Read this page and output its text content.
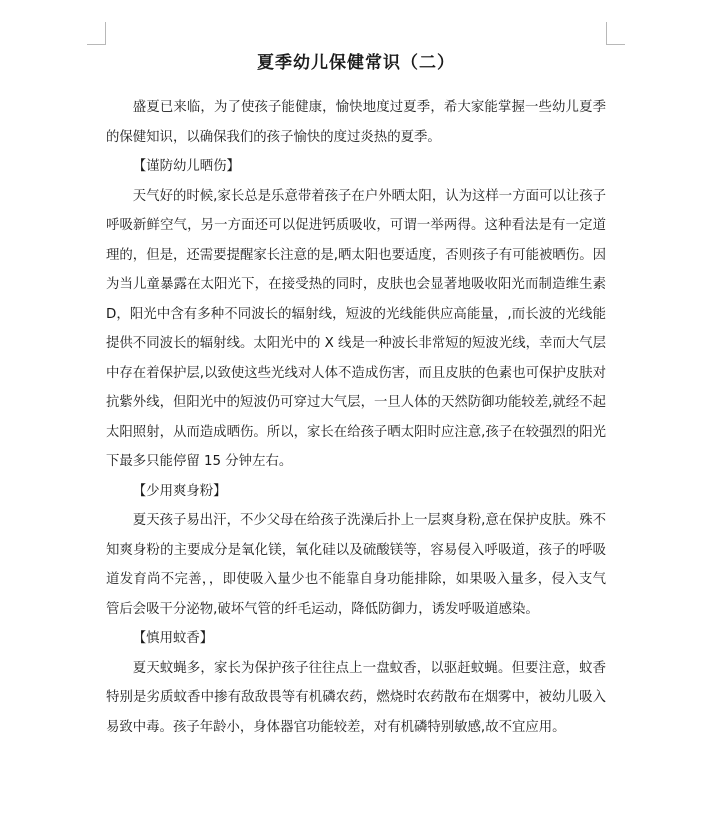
夏季幼儿保健常识（二）

盛夏已来临，为了使孩子能健康，愉快地度过夏季，希大家能掌握一些幼儿夏季的保健知识，以确保我们的孩子愉快的度过炎热的夏季。

【谨防幼儿晒伤】

天气好的时候,家长总是乐意带着孩子在户外晒太阳，认为这样一方面可以让孩子呼吸新鲜空气，另一方面还可以促进钙质吸收，可谓一举两得。这种看法是有一定道理的，但是，还需要提醒家长注意的是,晒太阳也要适度，否则孩子有可能被晒伤。因为当儿童暴露在太阳光下，在接受热的同时，皮肤也会显著地吸收阳光而制造维生素 D，阳光中含有多种不同波长的辐射线，短波的光线能供应高能量，,而长波的光线能提供不同波长的辐射线。太阳光中的 X 线是一种波长非常短的短波光线，幸而大气层中存在着保护层,以致使这些光线对人体不造成伤害，而且皮肤的色素也可保护皮肤对抗紫外线，但阳光中的短波仍可穿过大气层，一旦人体的天然防御功能较差,就经不起太阳照射，从而造成晒伤。所以，家长在给孩子晒太阳时应注意,孩子在较强烈的阳光下最多只能停留 15 分钟左右。

【少用爽身粉】

夏天孩子易出汗，不少父母在给孩子洗澡后扑上一层爽身粉,意在保护皮肤。殊不知爽身粉的主要成分是氧化镁，氧化硅以及硫酸镁等，容易侵入呼吸道，孩子的呼吸道发育尚不完善，，即使吸入量少也不能靠自身功能排除，如果吸入量多，侵入支气管后会吸干分泌物,破坏气管的纤毛运动，降低防御力，诱发呼吸道感染。

【慎用蚊香】

夏天蚊蝇多，家长为保护孩子往往点上一盘蚊香，以驱赶蚊蝇。但要注意，蚊香特别是劣质蚊香中掺有敌敌畏等有机磷农药，燃烧时农药散布在烟雾中，被幼儿吸入易致中毒。孩子年龄小，身体器官功能较差，对有机磷特别敏感,故不宜应用。
